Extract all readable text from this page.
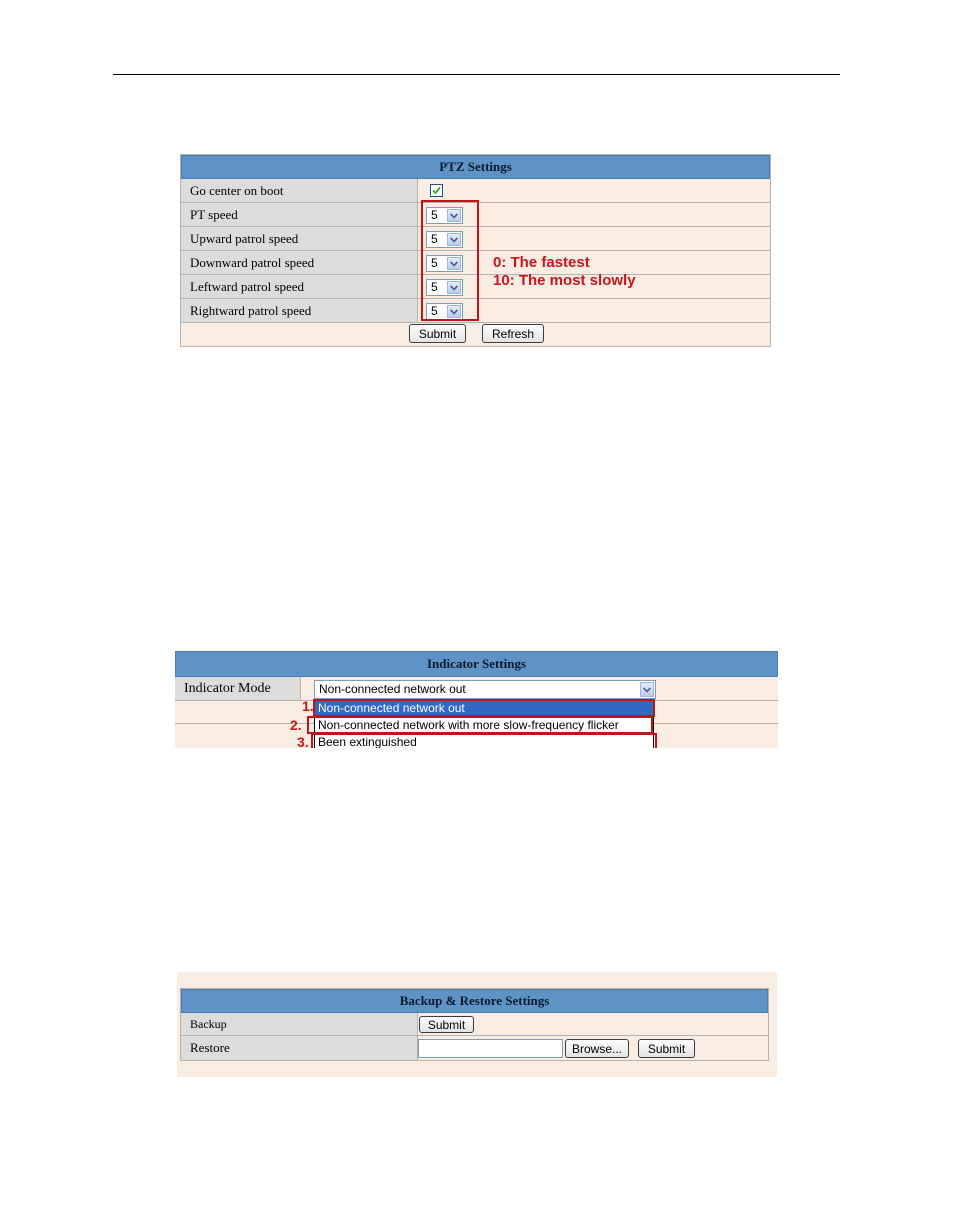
PTZ Settings
Go center on boot
PT speed	5
Upward patrol speed	5
Downward patrol speed	5
Leftward patrol speed	5
Rightward patrol speed	5
Submit	Refresh
0: The fastest
10: The most slowly
Indicator Settings
Indicator Mode	Non-connected network out
Non-connected network out
Non-connected network with more slow-frequency flicker
Been extinguished
1.
2.
3.
Backup & Restore Settings
Backup	Submit
Restore	Browse...	Submit
